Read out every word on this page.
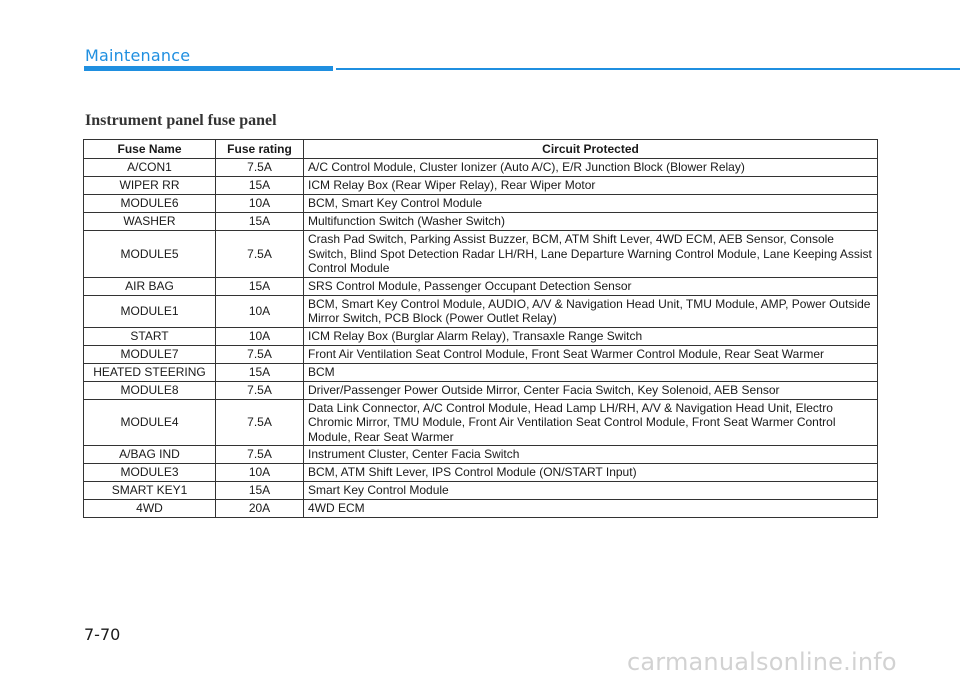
Maintenance
Instrument panel fuse panel
Fuse Name	Fuse rating	Circuit Protected
A/CON1	7.5A	A/C Control Module, Cluster Ionizer (Auto A/C), E/R Junction Block (Blower Relay)
WIPER RR	15A	ICM Relay Box (Rear Wiper Relay), Rear Wiper Motor
MODULE6	10A	BCM, Smart Key Control Module
WASHER	15A	Multifunction Switch (Washer Switch)
MODULE5	7.5A	Crash Pad Switch, Parking Assist Buzzer, BCM, ATM Shift Lever, 4WD ECM, AEB Sensor, Console Switch, Blind Spot Detection Radar LH/RH, Lane Departure Warning Control Module, Lane Keeping Assist Control Module
AIR BAG	15A	SRS Control Module, Passenger Occupant Detection Sensor
MODULE1	10A	BCM, Smart Key Control Module, AUDIO, A/V & Navigation Head Unit, TMU Module, AMP, Power Outside Mirror Switch, PCB Block (Power Outlet Relay)
START	10A	ICM Relay Box (Burglar Alarm Relay), Transaxle Range Switch
MODULE7	7.5A	Front Air Ventilation Seat Control Module, Front Seat Warmer Control Module, Rear Seat Warmer
HEATED STEERING	15A	BCM
MODULE8	7.5A	Driver/Passenger Power Outside Mirror, Center Facia Switch, Key Solenoid, AEB Sensor
MODULE4	7.5A	Data Link Connector, A/C Control Module, Head Lamp LH/RH, A/V & Navigation Head Unit, Electro Chromic Mirror, TMU Module, Front Air Ventilation Seat Control Module, Front Seat Warmer Control Module, Rear Seat Warmer
A/BAG IND	7.5A	Instrument Cluster, Center Facia Switch
MODULE3	10A	BCM, ATM Shift Lever, IPS Control Module (ON/START Input)
SMART KEY1	15A	Smart Key Control Module
4WD	20A	4WD ECM
7-70
carmanualsonline.info
